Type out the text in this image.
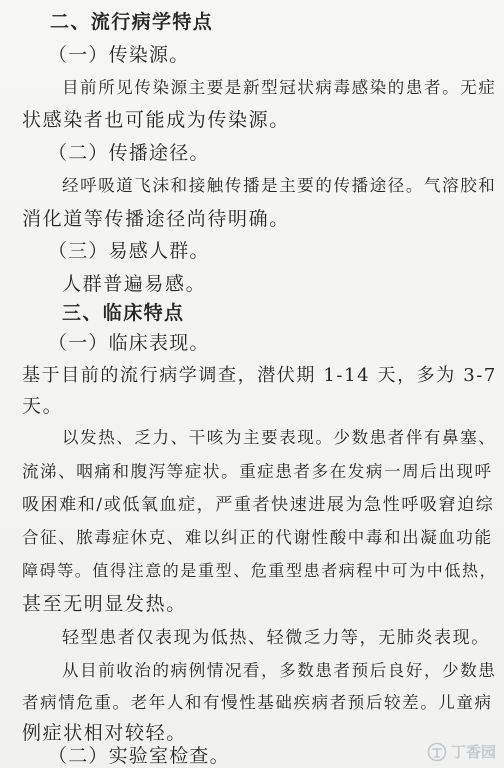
二、流行病学特点
（一）传染源。
目前所见传染源主要是新型冠状病毒感染的患者。无症
状感染者也可能成为传染源。
（二）传播途径。
经呼吸道飞沫和接触传播是主要的传播途径。气溶胶和
消化道等传播途径尚待明确。
（三）易感人群。
人群普遍易感。
三、临床特点
（一）临床表现。
基于目前的流行病学调查，潜伏期 1-14 天，多为 3-7
天。
以发热、乏力、干咳为主要表现。少数患者伴有鼻塞、
流涕、咽痛和腹泻等症状。重症患者多在发病一周后出现呼
吸困难和/或低氧血症，严重者快速进展为急性呼吸窘迫综
合征、脓毒症休克、难以纠正的代谢性酸中毒和出凝血功能
障碍等。值得注意的是重型、危重型患者病程中可为中低热，
甚至无明显发热。
轻型患者仅表现为低热、轻微乏力等，无肺炎表现。
从目前收治的病例情况看，多数患者预后良好，少数患
者病情危重。老年人和有慢性基础疾病者预后较差。儿童病
例症状相对较轻。
（二）实验室检查。	丁香园
